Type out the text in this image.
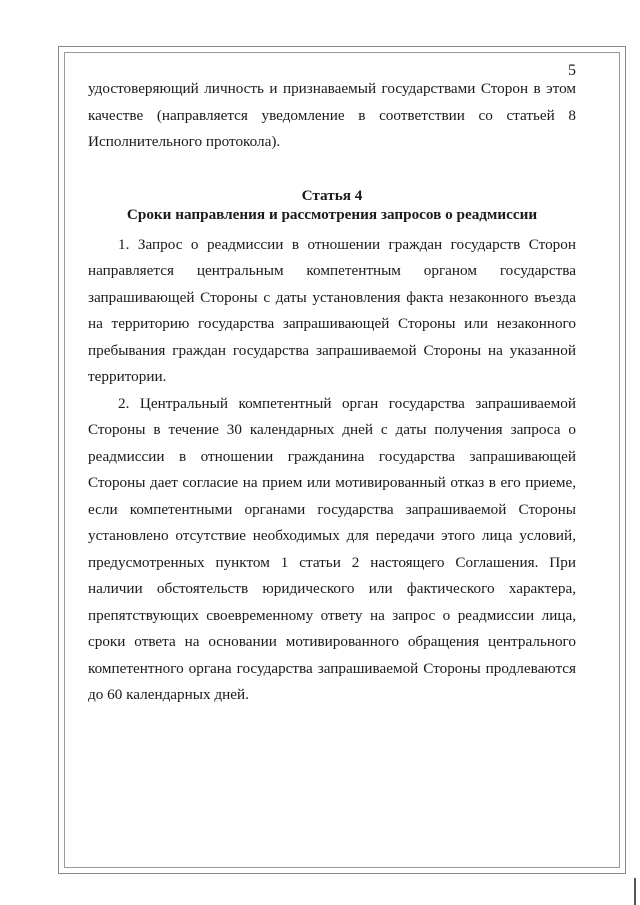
5

удостоверяющий личность и признаваемый государствами Сторон в этом качестве (направляется уведомление в соответствии со статьей 8 Исполнительного протокола).

Статья 4
Сроки направления и рассмотрения запросов о реадмиссии

1. Запрос о реадмиссии в отношении граждан государств Сторон направляется центральным компетентным органом государства запрашивающей Стороны с даты установления факта незаконного въезда на территорию государства запрашивающей Стороны или незаконного пребывания граждан государства запрашиваемой Стороны на указанной территории.

2. Центральный компетентный орган государства запрашиваемой Стороны в течение 30 календарных дней с даты получения запроса о реадмиссии в отношении гражданина государства запрашивающей Стороны дает согласие на прием или мотивированный отказ в его приеме, если компетентными органами государства запрашиваемой Стороны установлено отсутствие необходимых для передачи этого лица условий, предусмотренных пунктом 1 статьи 2 настоящего Соглашения. При наличии обстоятельств юридического или фактического характера, препятствующих своевременному ответу на запрос о реадмиссии лица, сроки ответа на основании мотивированного обращения центрального компетентного органа государства запрашиваемой Стороны продлеваются до 60 календарных дней.
